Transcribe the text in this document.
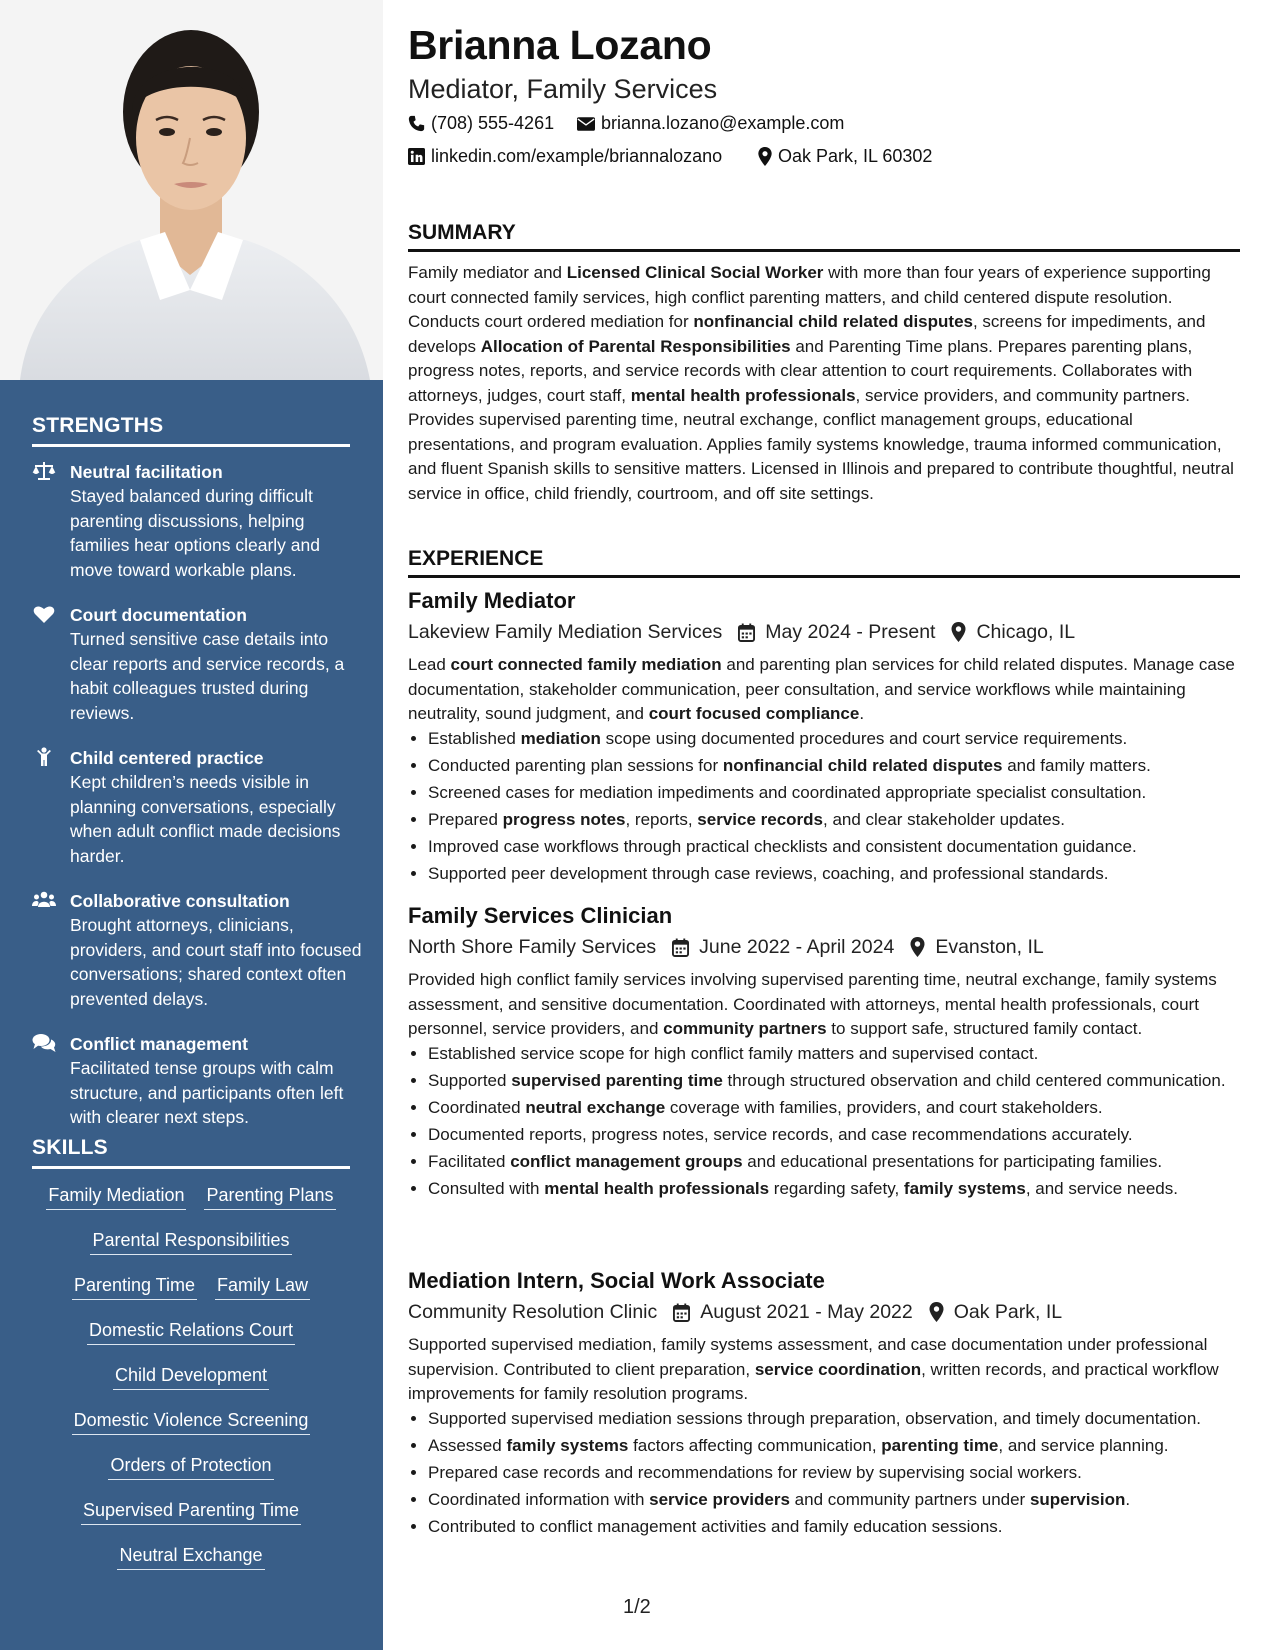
STRENGTHS
Neutral facilitation
Stayed balanced during difficult parenting discussions, helping families hear options clearly and move toward workable plans.
Court documentation
Turned sensitive case details into clear reports and service records, a habit colleagues trusted during reviews.
Child centered practice
Kept children’s needs visible in planning conversations, especially when adult conflict made decisions harder.
Collaborative consultation
Brought attorneys, clinicians, providers, and court staff into focused conversations; shared context often prevented delays.
Conflict management
Facilitated tense groups with calm structure, and participants often left with clearer next steps.
SKILLS
Family Mediation Parenting Plans
Parental Responsibilities
Parenting Time Family Law
Domestic Relations Court
Child Development
Domestic Violence Screening
Orders of Protection
Supervised Parenting Time
Neutral Exchange
Brianna Lozano
Mediator, Family Services
(708) 555-4261	brianna.lozano@example.com
linkedin.com/example/briannalozano	Oak Park, IL 60302
SUMMARY
Family mediator and Licensed Clinical Social Worker with more than four years of experience supporting court connected family services, high conflict parenting matters, and child centered dispute resolution. Conducts court ordered mediation for nonfinancial child related disputes, screens for impediments, and develops Allocation of Parental Responsibilities and Parenting Time plans. Prepares parenting plans, progress notes, reports, and service records with clear attention to court requirements. Collaborates with attorneys, judges, court staff, mental health professionals, service providers, and community partners. Provides supervised parenting time, neutral exchange, conflict management groups, educational presentations, and program evaluation. Applies family systems knowledge, trauma informed communication, and fluent Spanish skills to sensitive matters. Licensed in Illinois and prepared to contribute thoughtful, neutral service in office, child friendly, courtroom, and off site settings.
EXPERIENCE
Family Mediator
Lakeview Family Mediation Services May 2024 - Present Chicago, IL
Lead court connected family mediation and parenting plan services for child related disputes. Manage case documentation, stakeholder communication, peer consultation, and service workflows while maintaining neutrality, sound judgment, and court focused compliance.
• Established mediation scope using documented procedures and court service requirements.
• Conducted parenting plan sessions for nonfinancial child related disputes and family matters.
• Screened cases for mediation impediments and coordinated appropriate specialist consultation.
• Prepared progress notes, reports, service records, and clear stakeholder updates.
• Improved case workflows through practical checklists and consistent documentation guidance.
• Supported peer development through case reviews, coaching, and professional standards.
Family Services Clinician
North Shore Family Services June 2022 - April 2024 Evanston, IL
Provided high conflict family services involving supervised parenting time, neutral exchange, family systems assessment, and sensitive documentation. Coordinated with attorneys, mental health professionals, court personnel, service providers, and community partners to support safe, structured family contact.
• Established service scope for high conflict family matters and supervised contact.
• Supported supervised parenting time through structured observation and child centered communication.
• Coordinated neutral exchange coverage with families, providers, and court stakeholders.
• Documented reports, progress notes, service records, and case recommendations accurately.
• Facilitated conflict management groups and educational presentations for participating families.
• Consulted with mental health professionals regarding safety, family systems, and service needs.
Mediation Intern, Social Work Associate
Community Resolution Clinic August 2021 - May 2022 Oak Park, IL
Supported supervised mediation, family systems assessment, and case documentation under professional supervision. Contributed to client preparation, service coordination, written records, and practical workflow improvements for family resolution programs.
• Supported supervised mediation sessions through preparation, observation, and timely documentation.
• Assessed family systems factors affecting communication, parenting time, and service planning.
• Prepared case records and recommendations for review by supervising social workers.
• Coordinated information with service providers and community partners under supervision.
• Contributed to conflict management activities and family education sessions.
1/2
